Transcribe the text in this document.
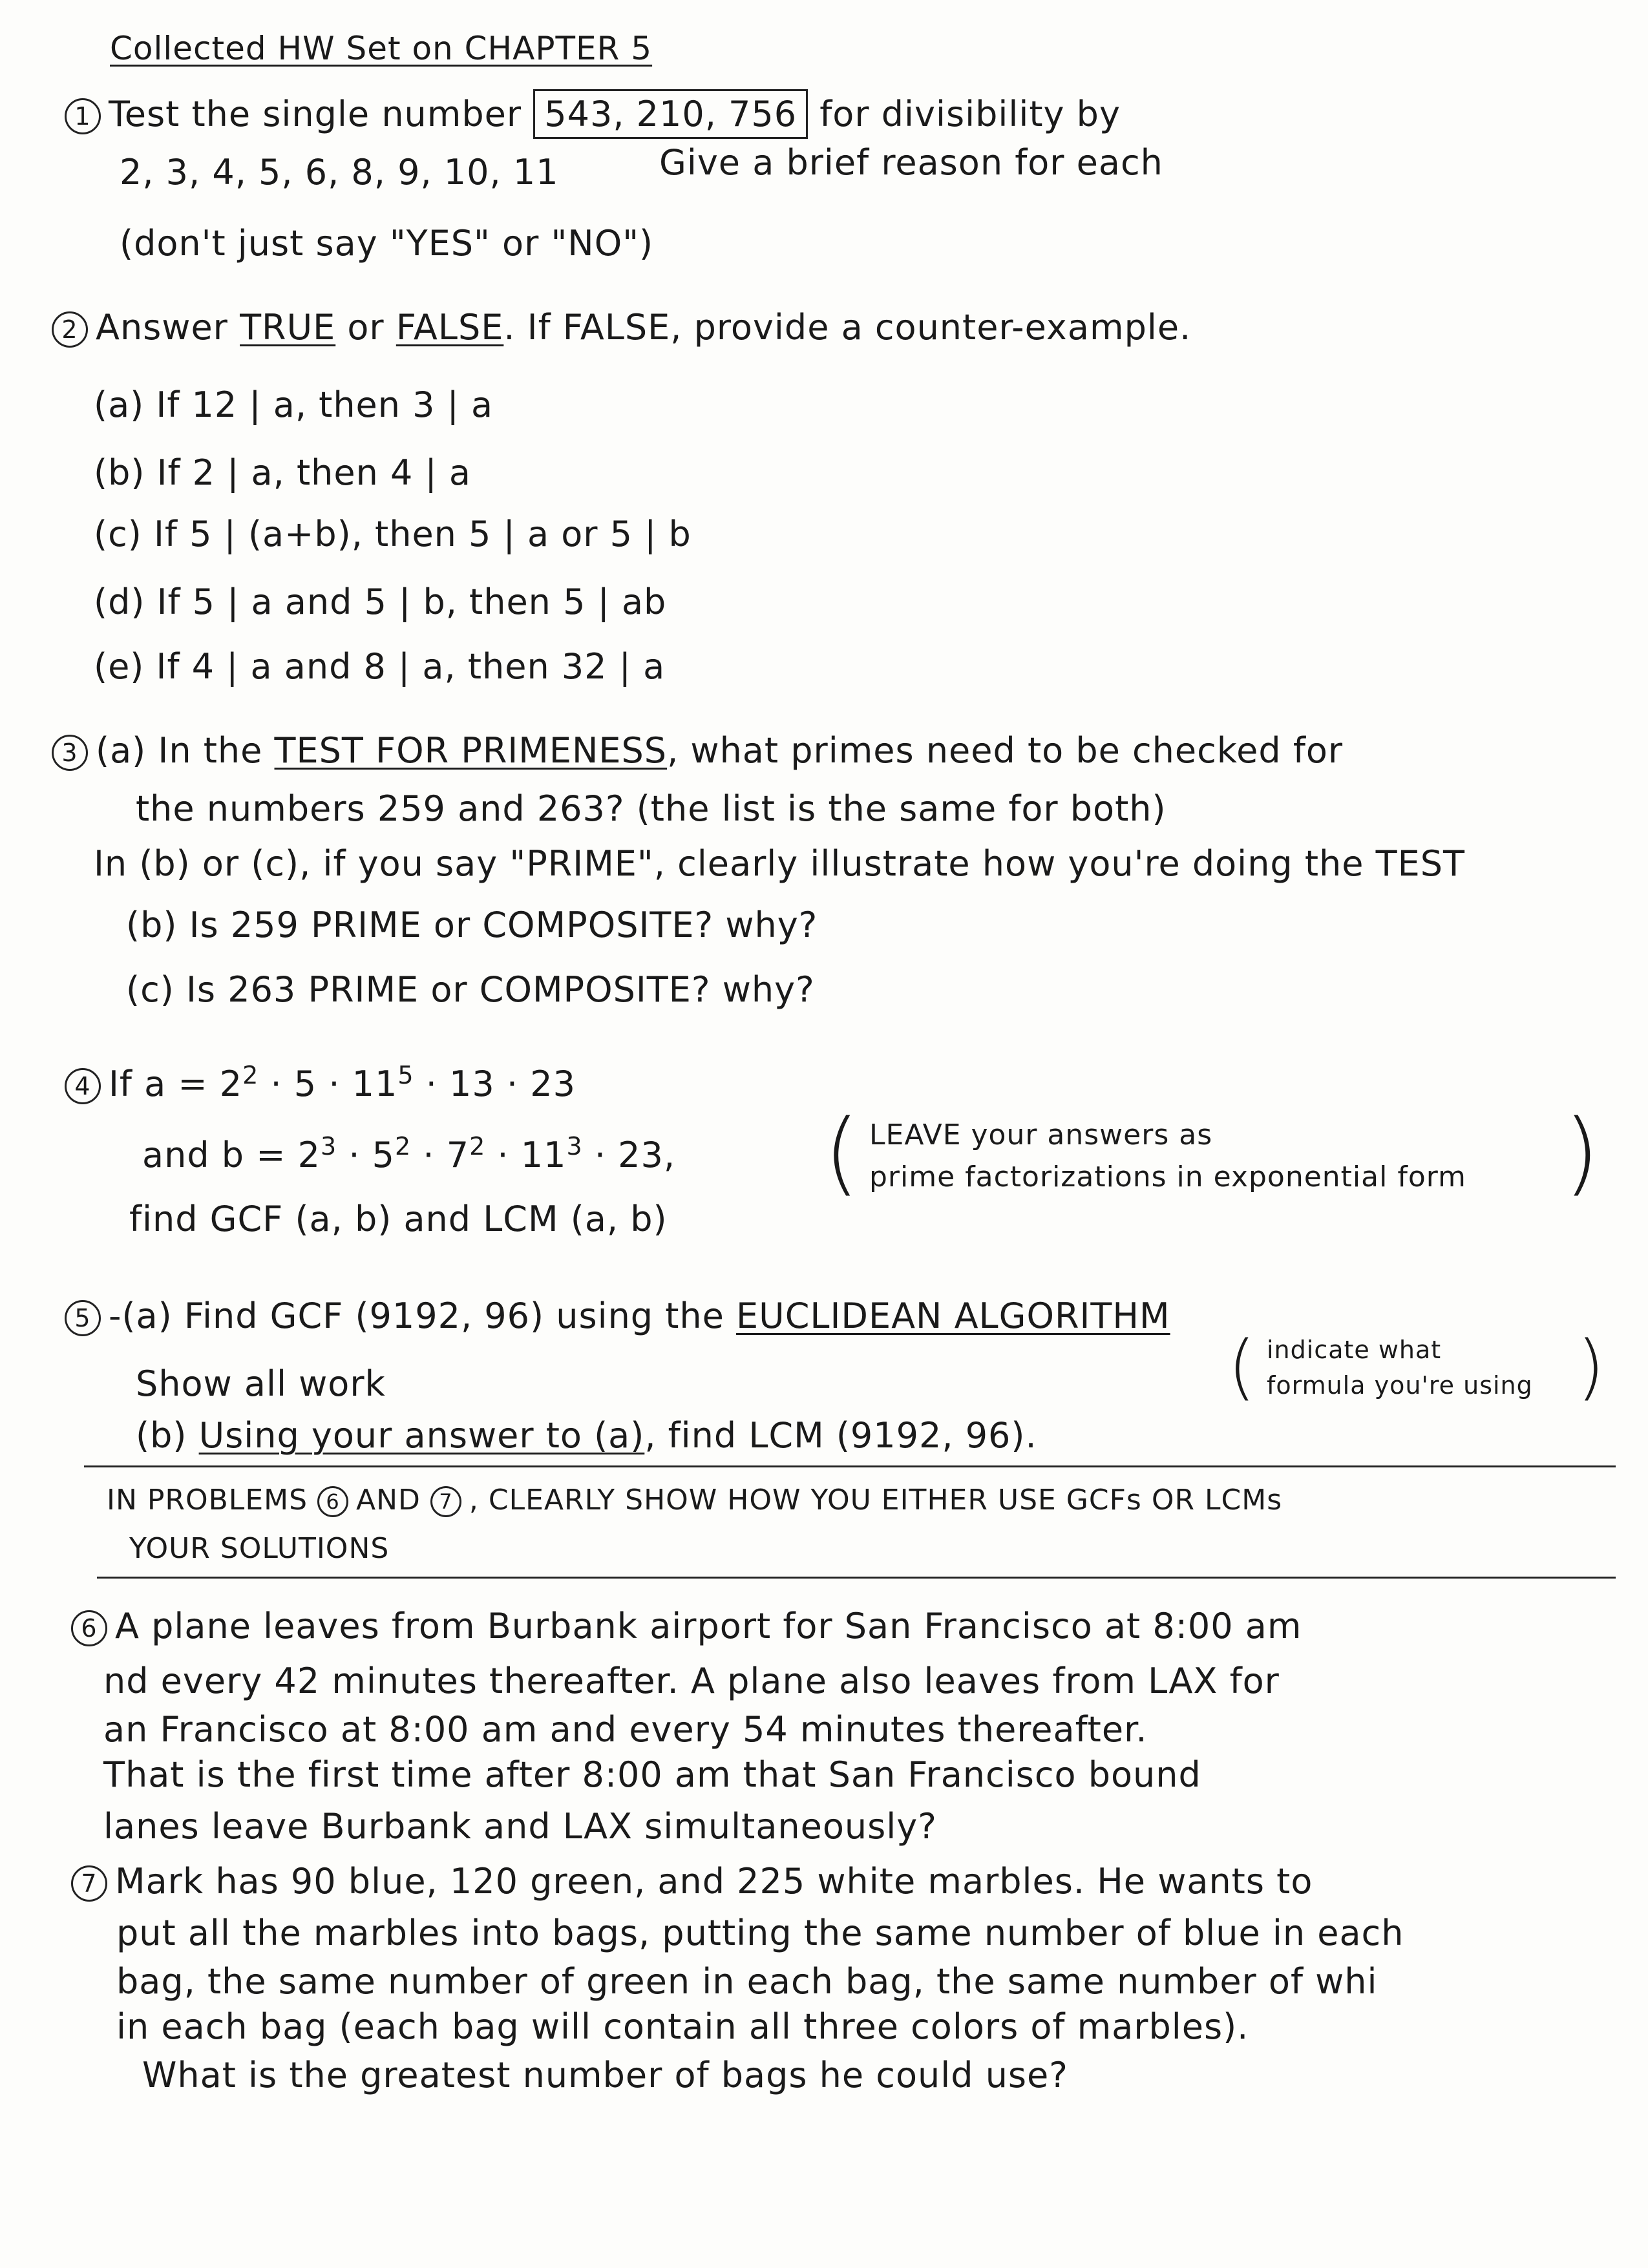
Collected HW Set on CHAPTER 5
1 Test the single number 543, 210, 756 for divisibility by
2, 3, 4, 5, 6, 8, 9, 10, 11	Give a brief reason for each
(don't just say "YES" or "NO")
2 Answer TRUE or FALSE. If FALSE, provide a counter-example.
(a) If 12 | a, then 3 | a
(b) If 2 | a, then 4 | a
(c) If 5 | (a+b), then 5 | a or 5 | b
(d) If 5 | a and 5 | b, then 5 | ab
(e) If 4 | a and 8 | a, then 32 | a
3 (a) In the TEST FOR PRIMENESS, what primes need to be checked for
the numbers 259 and 263? (the list is the same for both)
In (b) or (c), if you say "PRIME", clearly illustrate how you're doing the TEST
(b) Is 259 PRIME or COMPOSITE? why?
(c) Is 263 PRIME or COMPOSITE? why?
4 If $a = 2^2 \cdot 5 \cdot 11^5 \cdot 13 \cdot 23$
and $b = 2^3 \cdot 5^2 \cdot 7^2 \cdot 11^3 \cdot 23$,
find GCF (a, b) and LCM (a, b)
( LEAVE your answers as
prime factorizations in exponential form )
5 -(a) Find GCF (9192, 96) using the EUCLIDEAN ALGORITHM
Show all work
(b) Using your answer to (a), find LCM (9192, 96).
( indicate what
formula you're using )
IN PROBLEMS 6 AND 7 , CLEARLY SHOW HOW YOU EITHER USE GCFs OR LCMs
YOUR SOLUTIONS
6 A plane leaves from Burbank airport for San Francisco at 8:00 am
nd every 42 minutes thereafter. A plane also leaves from LAX for
an Francisco at 8:00 am and every 54 minutes thereafter.
That is the first time after 8:00 am that San Francisco bound
lanes leave Burbank and LAX simultaneously?
7 Mark has 90 blue, 120 green, and 225 white marbles. He wants to
put all the marbles into bags, putting the same number of blue in each
bag, the same number of green in each bag, the same number of whi
in each bag (each bag will contain all three colors of marbles).
What is the greatest number of bags he could use?
